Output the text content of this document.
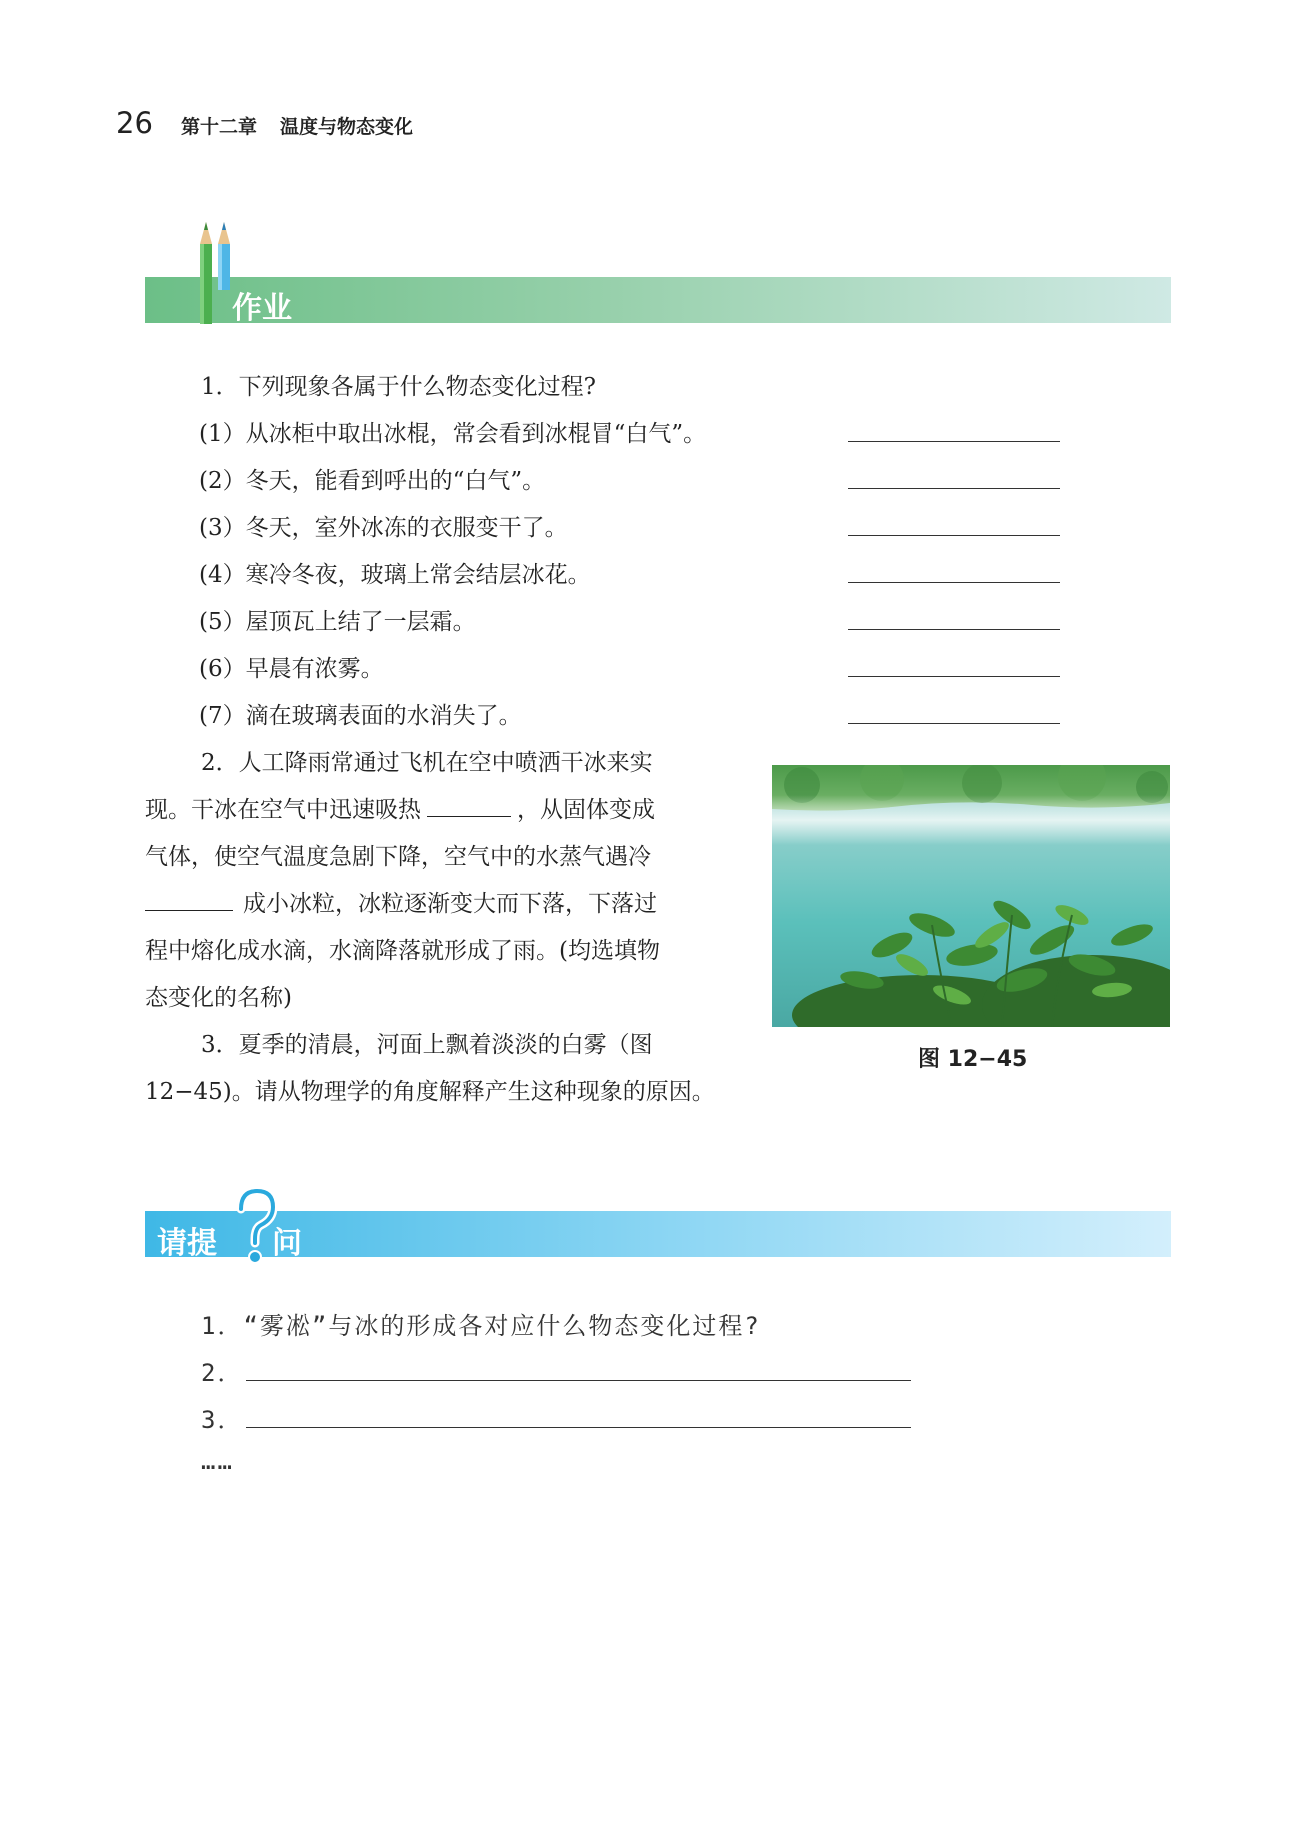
26 第十二章 温度与物态变化
作业
1．下列现象各属于什么物态变化过程?
(1）从冰柜中取出冰棍，常会看到冰棍冒“白气”。
(2）冬天，能看到呼出的“白气”。
(3）冬天，室外冰冻的衣服变干了。
(4）寒冷冬夜，玻璃上常会结层冰花。
(5）屋顶瓦上结了一层霜。
(6）早晨有浓雾。
(7）滴在玻璃表面的水消失了。
2．人工降雨常通过飞机在空中喷洒干冰来实
现。干冰在空气中迅速吸热	，从固体变成
气体，使空气温度急剧下降，空气中的水蒸气遇冷
成小冰粒，冰粒逐渐变大而下落，下落过
程中熔化成水滴，水滴降落就形成了雨。(均选填物
态变化的名称)
3．夏季的清晨，河面上飘着淡淡的白雾（图
12−45)。请从物理学的角度解释产生这种现象的原因。
图 12−45
请提 问
1．“雾凇”与冰的形成各对应什么物态变化过程?
2．
3．
……
